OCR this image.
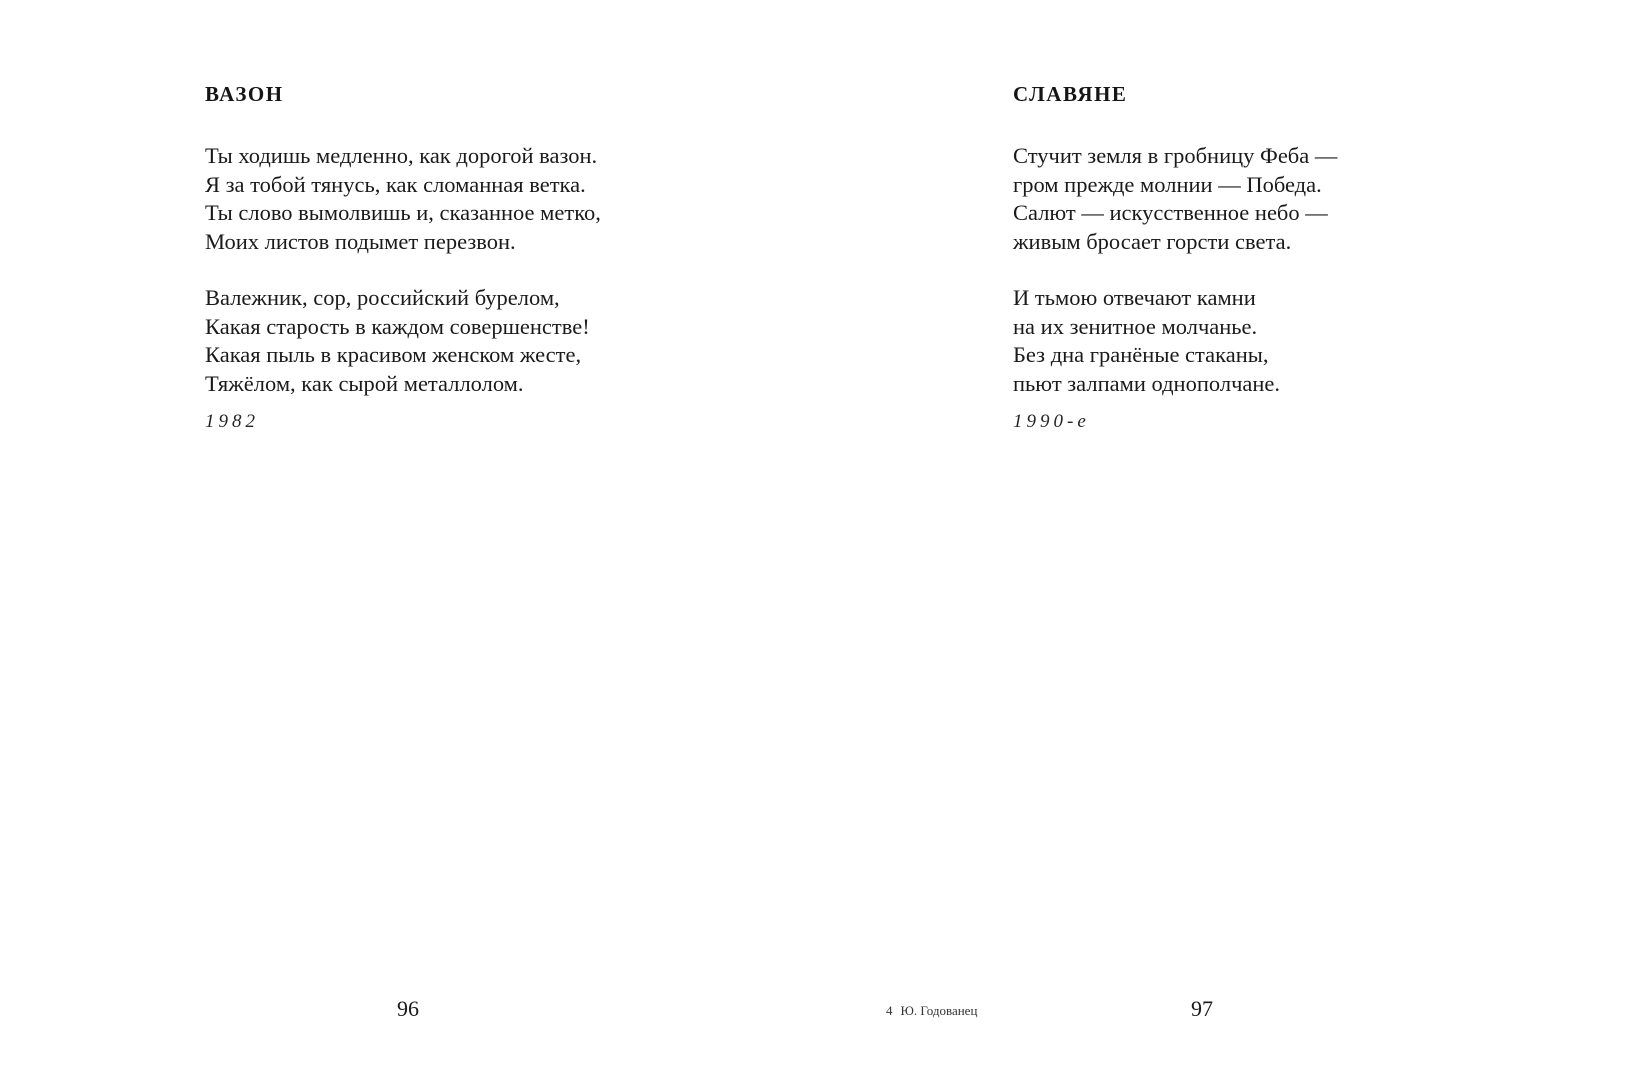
ВАЗОН
Ты ходишь медленно, как дорогой вазон.
Я за тобой тянусь, как сломанная ветка.
Ты слово вымолвишь и, сказанное метко,
Моих листов подымет перезвон.
Валежник, сор, российский бурелом,
Какая старость в каждом совершенстве!
Какая пыль в красивом женском жесте,
Тяжёлом, как сырой металлолом.
1982
СЛАВЯНЕ
Стучит земля в гробницу Феба —
гром прежде молнии — Победа.
Салют — искусственное небо —
живым бросает горсти света.
И тьмою отвечают камни
на их зенитное молчанье.
Без дна гранёные стаканы,
пьют залпами однополчане.
1990-е
96	4 Ю. Годованец	97
